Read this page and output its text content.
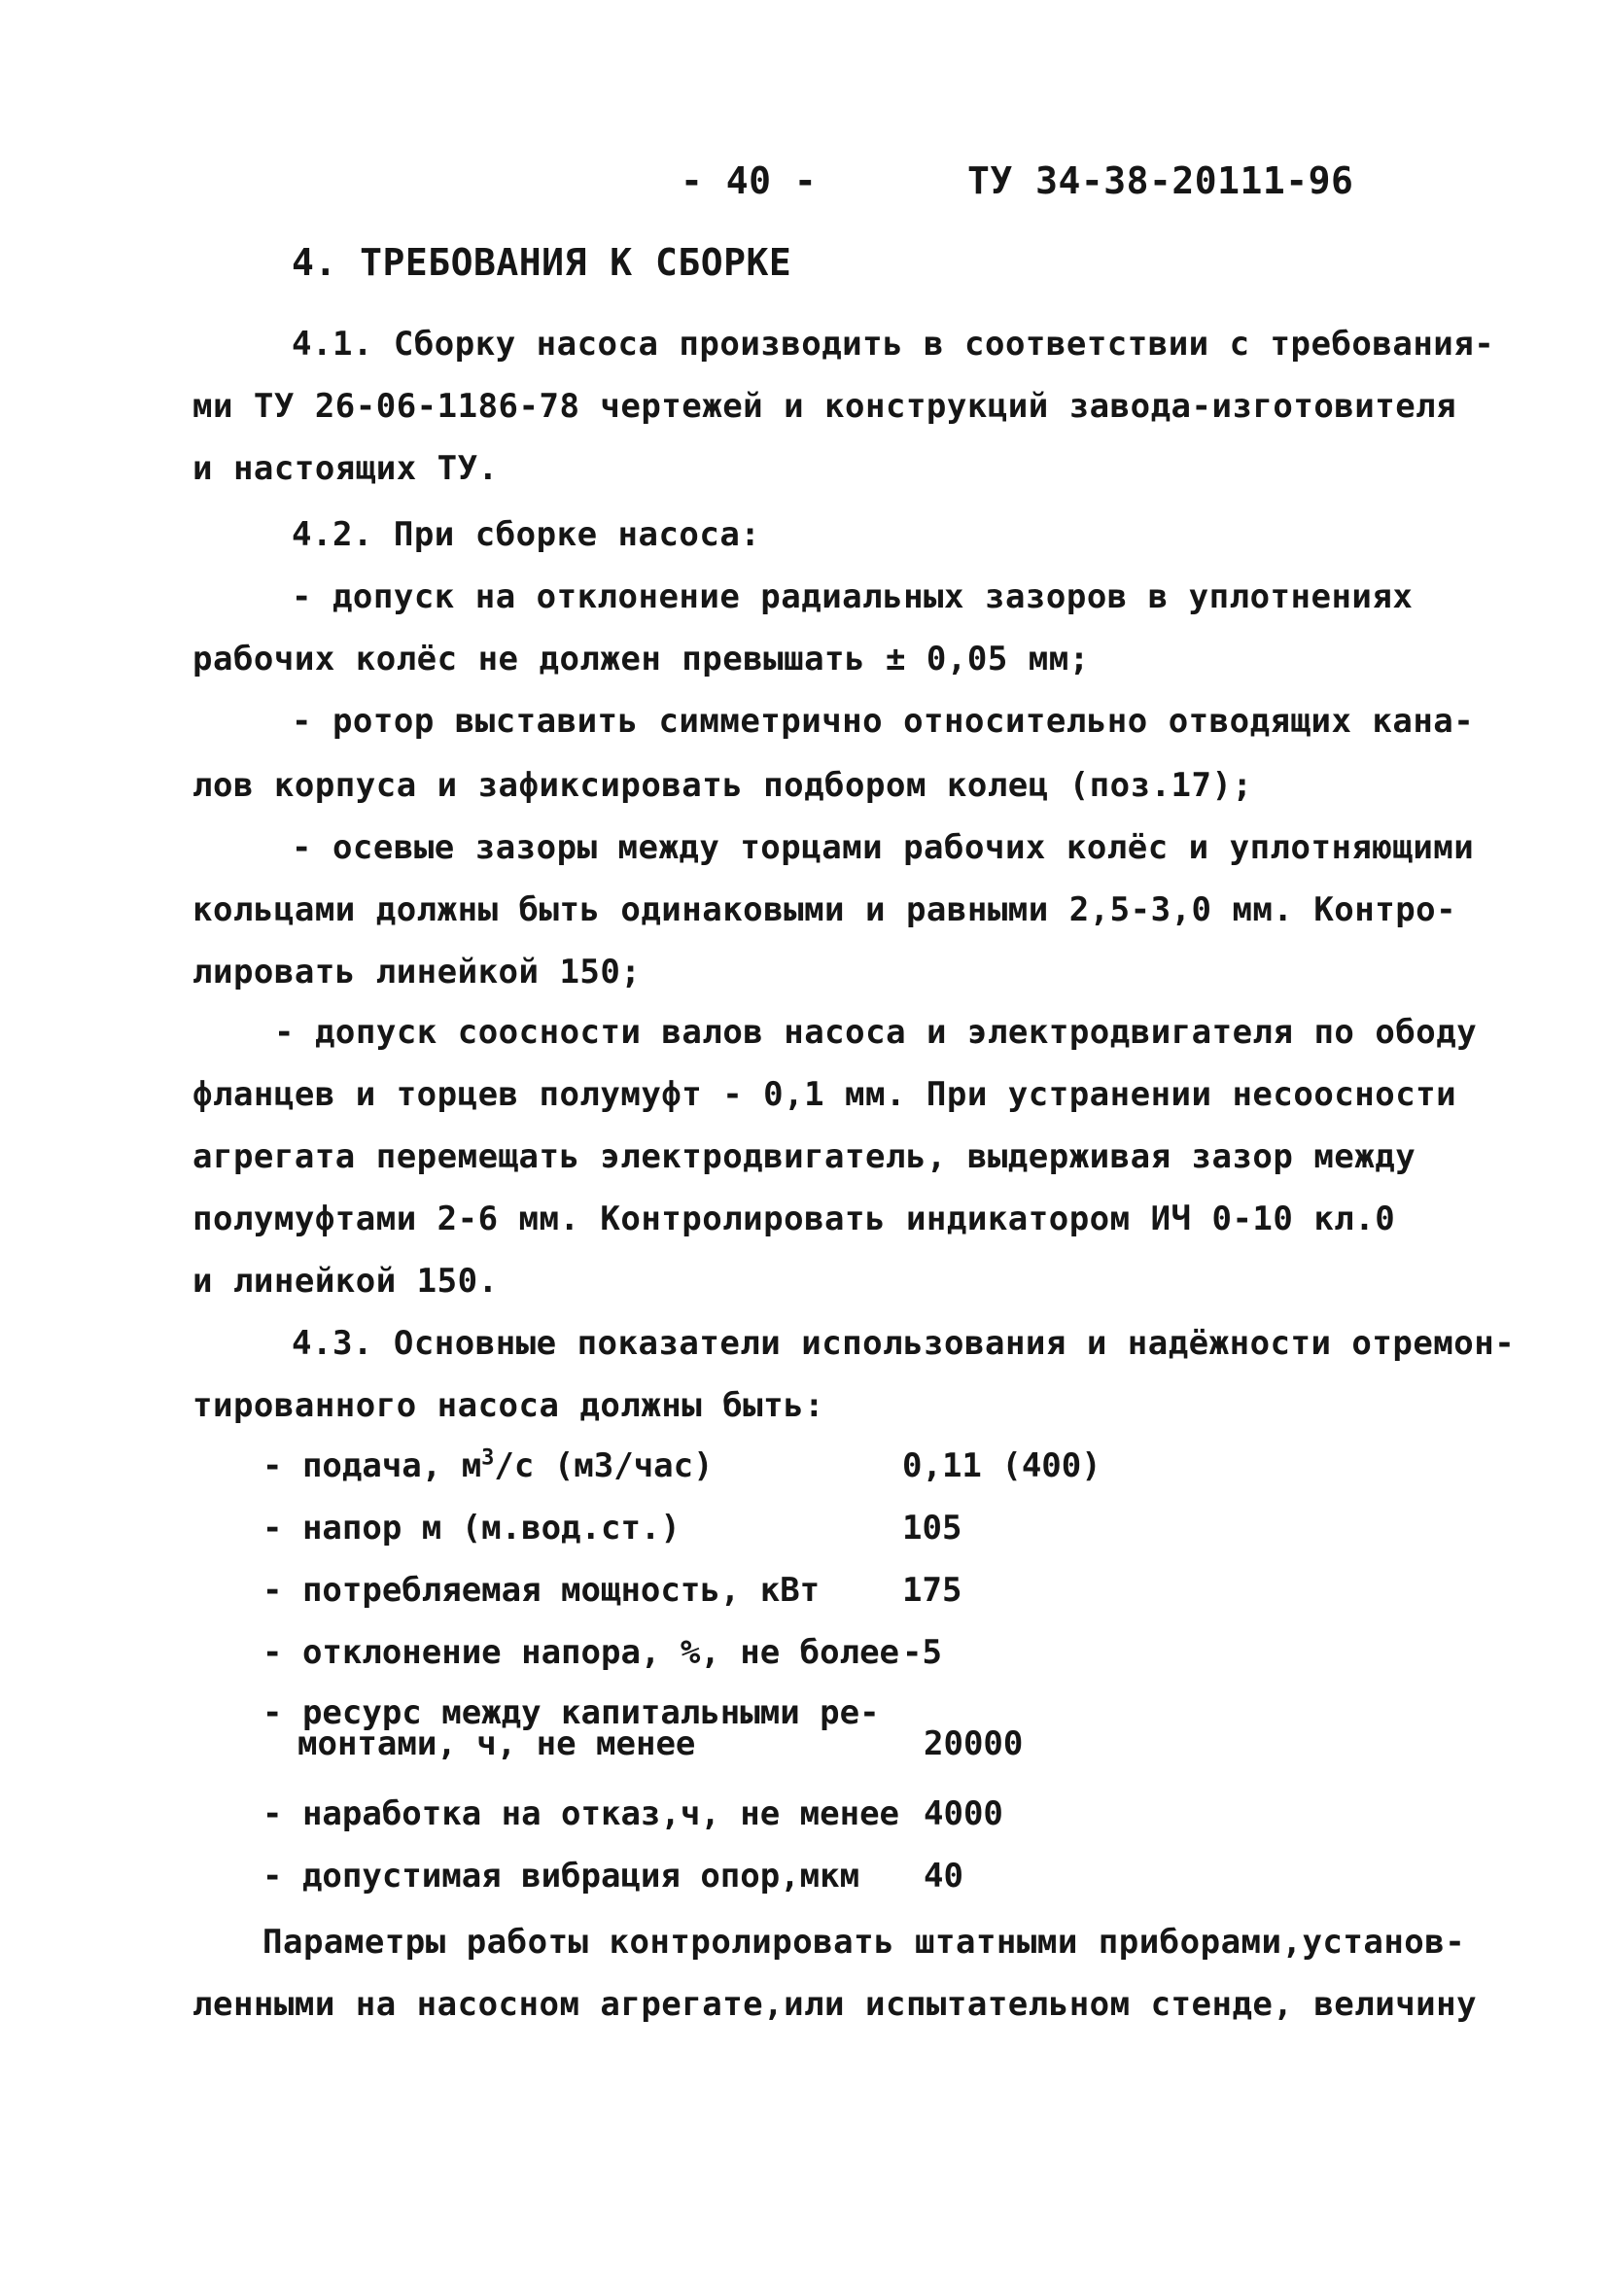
- 40 -	ТУ 34-38-20111-96

4. ТРЕБОВАНИЯ К СБОРКЕ

4.1. Сборку насоса производить в соответствии с требования-

ми ТУ 26-06-1186-78 чертежей и конструкций завода-изготовителя

и настоящих ТУ.

4.2. При сборке насоса:

- допуск на отклонение радиальных зазоров в уплотнениях

рабочих колёс не должен превышать ± 0,05 мм;

- ротор выставить симметрично относительно отводящих кана-

лов корпуса и зафиксировать подбором колец (поз.17);

- осевые зазоры между торцами рабочих колёс и уплотняющими

кольцами должны быть одинаковыми и равными 2,5-3,0 мм. Контро-

лировать линейкой 150;

- допуск соосности валов насоса и электродвигателя по ободу

фланцев и торцев полумуфт - 0,1 мм. При устранении несоосности

агрегата перемещать электродвигатель, выдерживая зазор между

полумуфтами 2-6 мм. Контролировать индикатором ИЧ 0-10 кл.0

и линейкой 150.

4.3. Основные показатели использования и надёжности отремон-

тированного насоса должны быть:

- подача, $м^3/с$ (м3/час)	0,11 (400)

- напор м (м.вод.ст.)	105

- потребляемая мощность, кВт 175

- отклонение напора, %, не более -5

- ресурс между капитальными ре-

монтами, ч, не менее	20000

- наработка на отказ,ч, не менее 4000

- допустимая вибрация опор,мкм 40

Параметры работы контролировать штатными приборами,установ-

ленными на насосном агрегате,или испытательном стенде, величину
